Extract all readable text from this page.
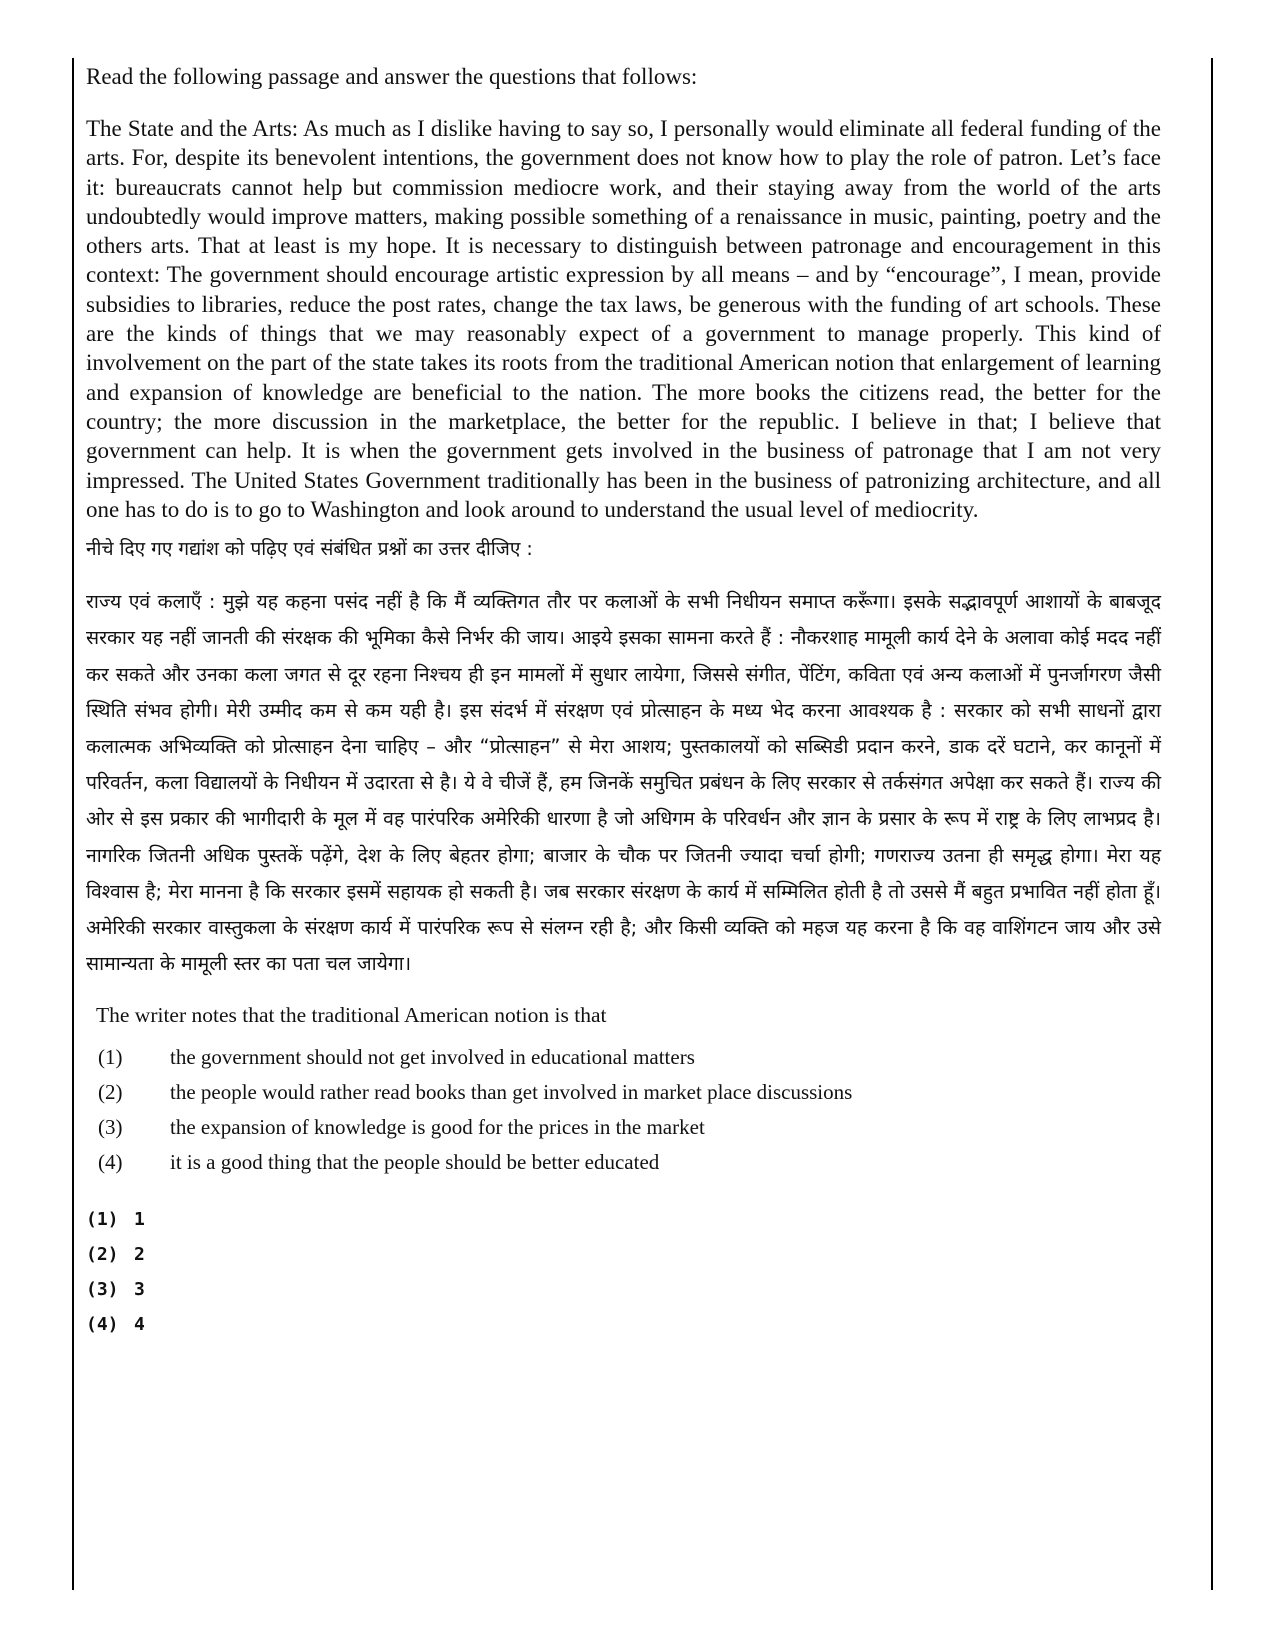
Read the following passage and answer the questions that follows:

The State and the Arts: As much as I dislike having to say so, I personally would eliminate all federal funding of the arts. For, despite its benevolent intentions, the government does not know how to play the role of patron. Let’s face it: bureaucrats cannot help but commission mediocre work, and their staying away from the world of the arts undoubtedly would improve matters, making possible something of a renaissance in music, painting, poetry and the others arts. That at least is my hope. It is necessary to distinguish between patronage and encouragement in this context: The government should encourage artistic expression by all means – and by “encourage”, I mean, provide subsidies to libraries, reduce the post rates, change the tax laws, be generous with the funding of art schools. These are the kinds of things that we may reasonably expect of a government to manage properly. This kind of involvement on the part of the state takes its roots from the traditional American notion that enlargement of learning and expansion of knowledge are beneficial to the nation. The more books the citizens read, the better for the country; the more discussion in the marketplace, the better for the republic. I believe in that; I believe that government can help. It is when the government gets involved in the business of patronage that I am not very impressed. The United States Government traditionally has been in the business of patronizing architecture, and all one has to do is to go to Washington and look around to understand the usual level of mediocrity.

नीचे दिए गए गद्यांश को पढ़िए एवं संबंधित प्रश्नों का उत्तर दीजिए :

राज्य एवं कलाएँ : मुझे यह कहना पसंद नहीं है कि मैं व्यक्तिगत तौर पर कलाओं के सभी निधीयन समाप्त करूँगा। इसके सद्भावपूर्ण आशायों के बाबजूद सरकार यह नहीं जानती की संरक्षक की भूमिका कैसे निर्भर की जाय। आइये इसका सामना करते हैं : नौकरशाह मामूली कार्य देने के अलावा कोई मदद नहीं कर सकते और उनका कला जगत से दूर रहना निश्चय ही इन मामलों में सुधार लायेगा, जिससे संगीत, पेंटिंग, कविता एवं अन्य कलाओं में पुनर्जागरण जैसी स्थिति संभव होगी। मेरी उम्मीद कम से कम यही है। इस संदर्भ में संरक्षण एवं प्रोत्साहन के मध्य भेद करना आवश्यक है : सरकार को सभी साधनों द्वारा कलात्मक अभिव्यक्ति को प्रोत्साहन देना चाहिए – और “प्रोत्साहन” से मेरा आशय; पुस्तकालयों को सब्सिडी प्रदान करने, डाक दरें घटाने, कर कानूनों में परिवर्तन, कला विद्यालयों के निधीयन में उदारता से है। ये वे चीजें हैं, हम जिनकें समुचित प्रबंधन के लिए सरकार से तर्कसंगत अपेक्षा कर सकते हैं। राज्य की ओर से इस प्रकार की भागीदारी के मूल में वह पारंपरिक अमेरिकी धारणा है जो अधिगम के परिवर्धन और ज्ञान के प्रसार के रूप में राष्ट्र के लिए लाभप्रद है। नागरिक जितनी अधिक पुस्तकें पढ़ेंगे, देश के लिए बेहतर होगा; बाजार के चौक पर जितनी ज्यादा चर्चा होगी; गणराज्य उतना ही समृद्ध होगा। मेरा यह विश्वास है; मेरा मानना है कि सरकार इसमें सहायक हो सकती है। जब सरकार संरक्षण के कार्य में सम्मिलित होती है तो उससे मैं बहुत प्रभावित नहीं होता हूँ। अमेरिकी सरकार वास्तुकला के संरक्षण कार्य में पारंपरिक रूप से संलग्न रही है; और किसी व्यक्ति को महज यह करना है कि वह वाशिंगटन जाय और उसे सामान्यता के मामूली स्तर का पता चल जायेगा।

The writer notes that the traditional American notion is that

(1)	the government should not get involved in educational matters
(2)	the people would rather read books than get involved in market place discussions
(3)	the expansion of knowledge is good for the prices in the market
(4)	it is a good thing that the people should be better educated
(1) 1
(2) 2
(3) 3
(4) 4
